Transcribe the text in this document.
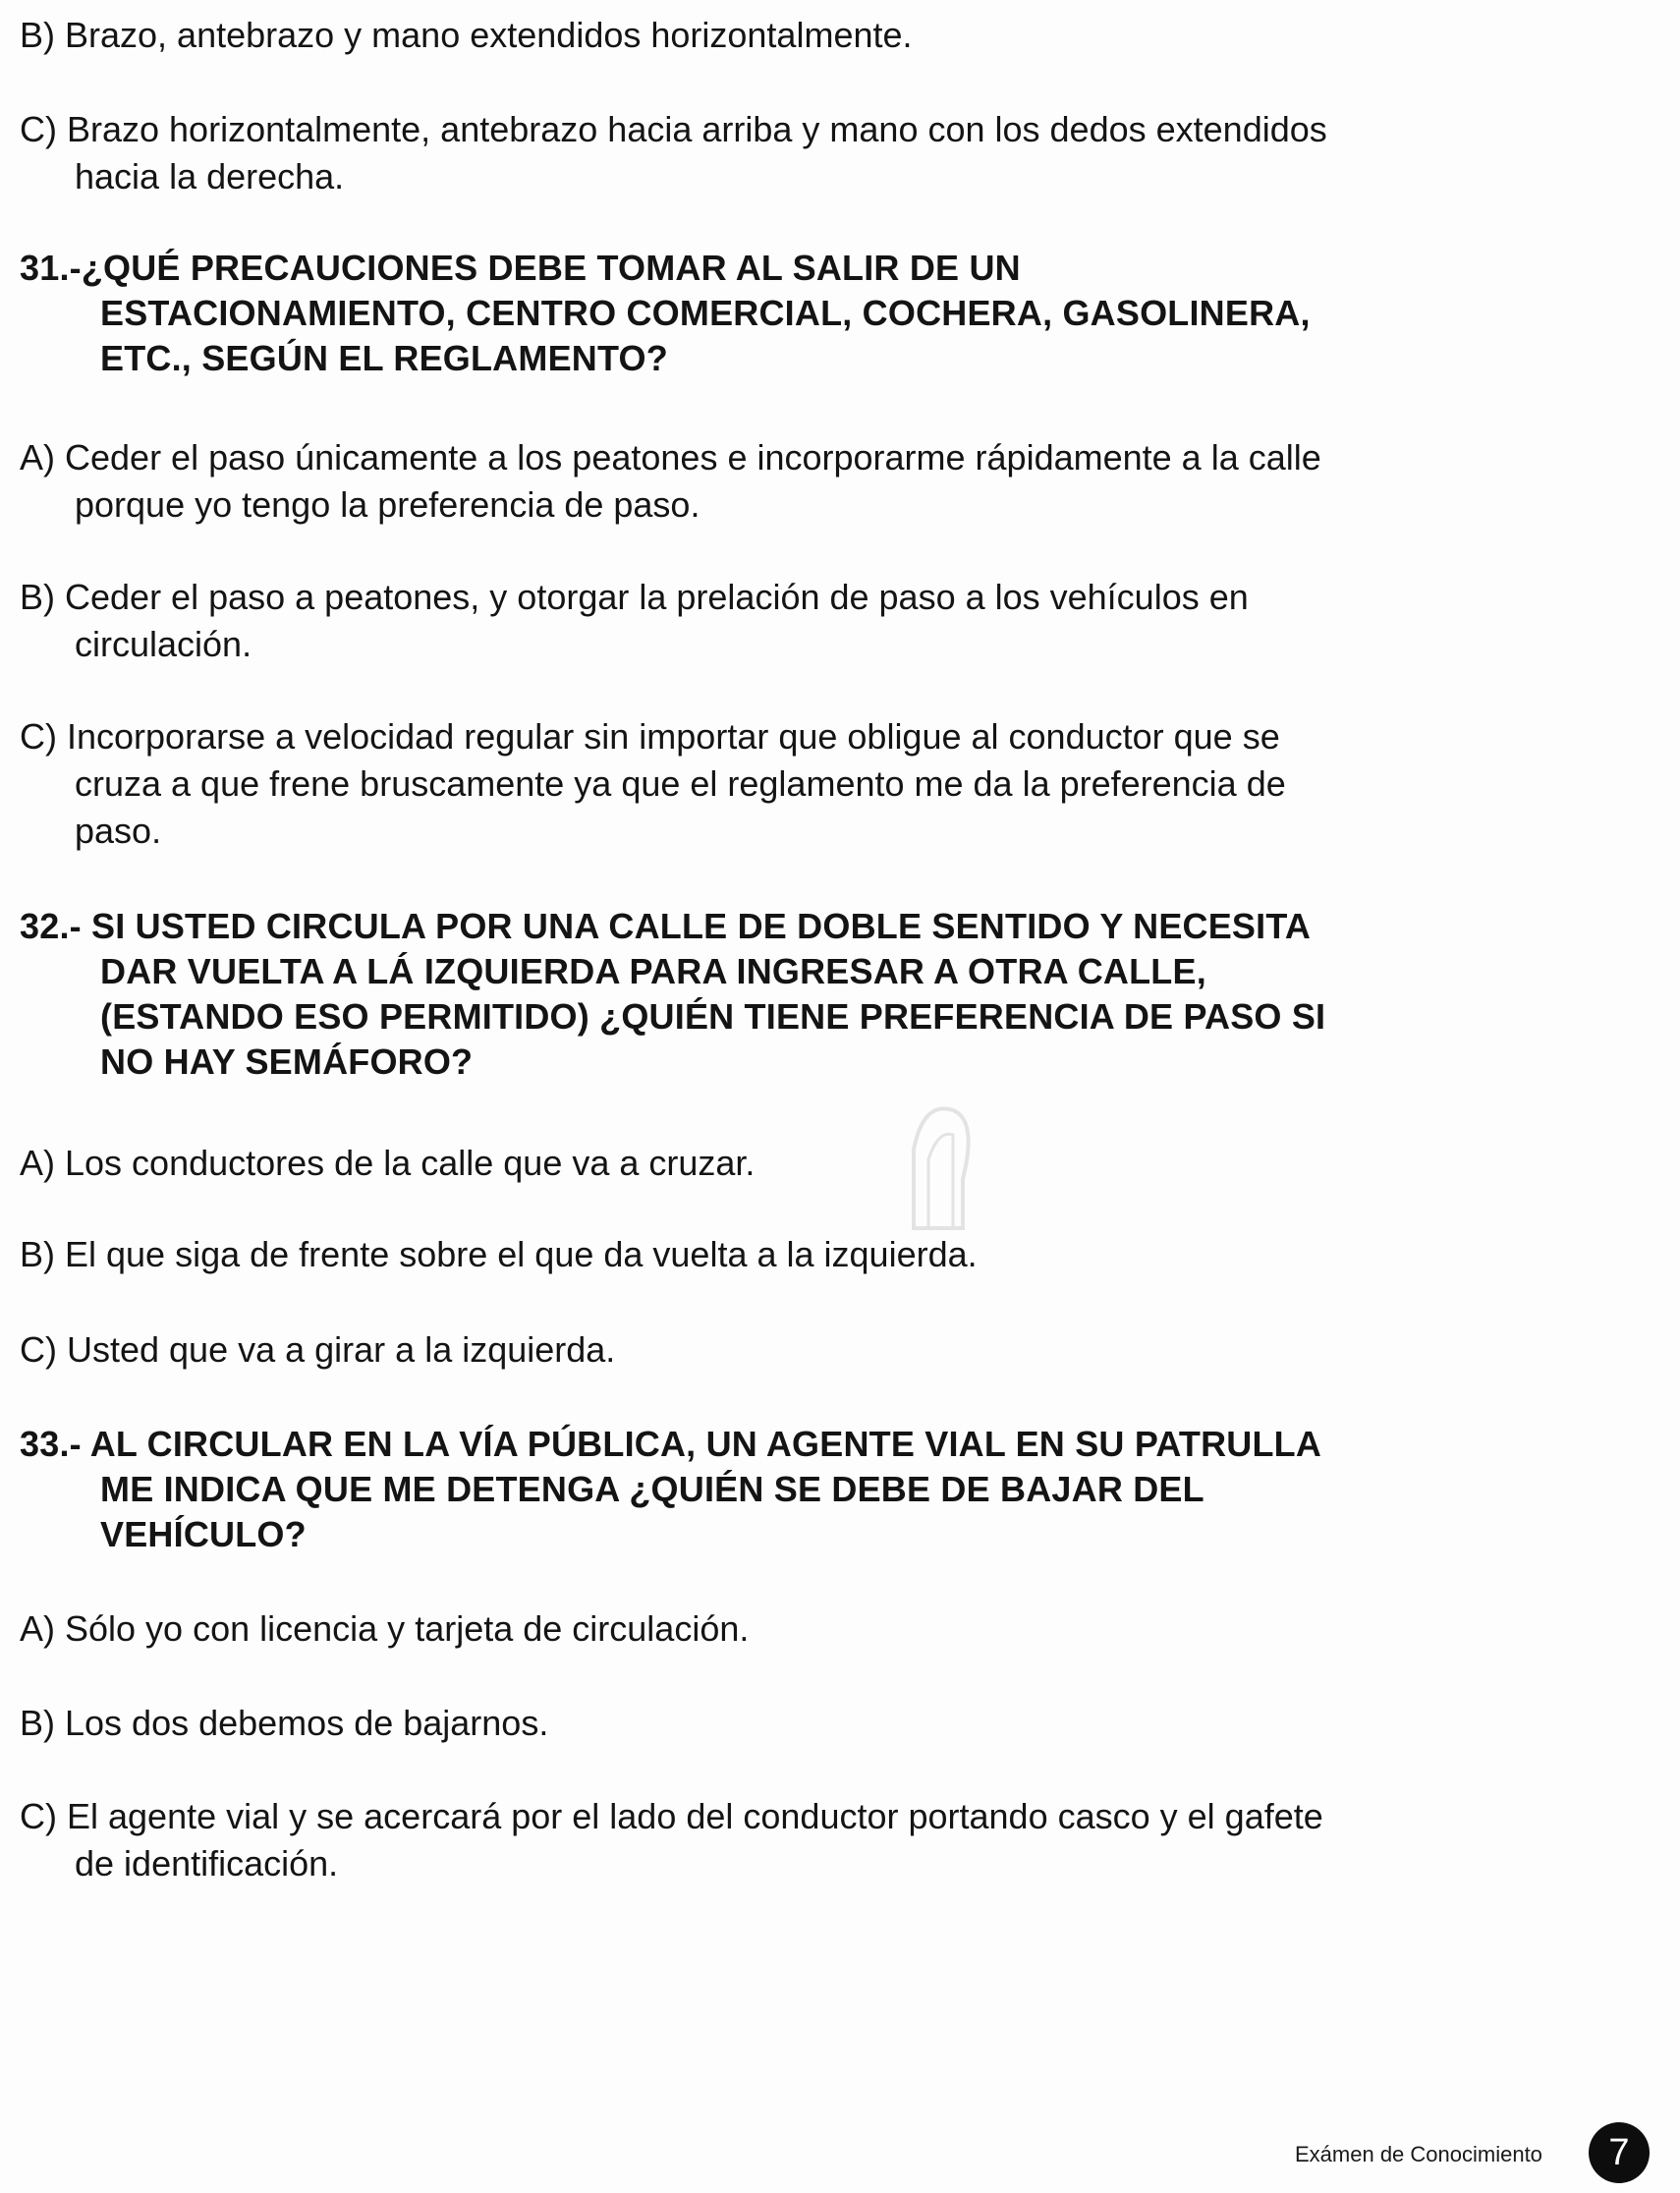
B) Brazo, antebrazo y mano extendidos horizontalmente.

C) Brazo horizontalmente, antebrazo hacia arriba y mano con los dedos extendidos
hacia la derecha.

31.-¿QUÉ PRECAUCIONES DEBE TOMAR AL SALIR DE UN
ESTACIONAMIENTO, CENTRO COMERCIAL, COCHERA, GASOLINERA,
ETC., SEGÚN EL REGLAMENTO?

A) Ceder el paso únicamente a los peatones e incorporarme rápidamente a la calle
porque yo tengo la preferencia de paso.

B) Ceder el paso a peatones, y otorgar la prelación de paso a los vehículos en
circulación.

C) Incorporarse a velocidad regular sin importar que obligue al conductor que se
cruza a que frene bruscamente ya que el reglamento me da la preferencia de
paso.

32.- SI USTED CIRCULA POR UNA CALLE DE DOBLE SENTIDO Y NECESITA
DAR VUELTA A LÁ IZQUIERDA PARA INGRESAR A OTRA CALLE,
(ESTANDO ESO PERMITIDO) ¿QUIÉN TIENE PREFERENCIA DE PASO SI
NO HAY SEMÁFORO?

A) Los conductores de la calle que va a cruzar.

B) El que siga de frente sobre el que da vuelta a la izquierda.

C) Usted que va a girar a la izquierda.

33.- AL CIRCULAR EN LA VÍA PÚBLICA, UN AGENTE VIAL EN SU PATRULLA
ME INDICA QUE ME DETENGA ¿QUIÉN SE DEBE DE BAJAR DEL
VEHÍCULO?

A) Sólo yo con licencia y tarjeta de circulación.

B) Los dos debemos de bajarnos.

C) El agente vial y se acercará por el lado del conductor portando casco y el gafete
de identificación.

Exámen de Conocimiento	7
